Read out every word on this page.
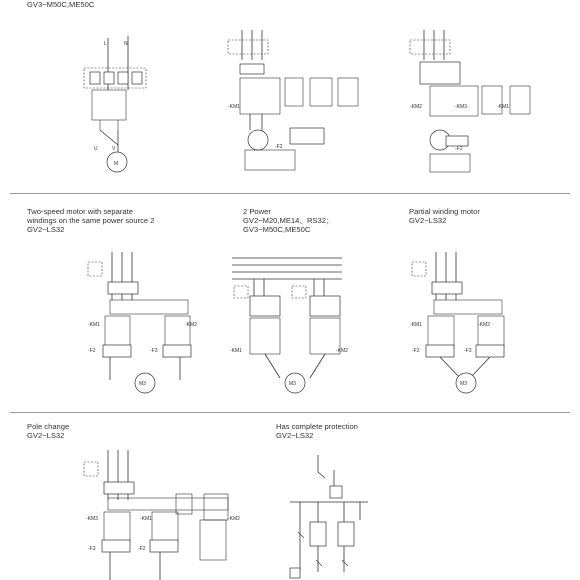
GV3−M50C,ME50C
Two-speed motor with separate
windings on the same power source 2
GV2−LS32
2 Power
GV2−M20,ME14、RS32；
GV3−M50C,ME50C
Partial winding motor
GV2−LS32
Pole change
GV2−LS32
Has complete protection
GV2−LS32
L	N
U	V
M
-KM1
-F2
-KM2	-KM3	-KM1
-F2
-KM1	-KM2
-F2	-F3
M3
-KM1	-KM2
M3
-KM1	-KM2
-F2	-F3
M3
-KM3	-KM1	-KM2
-F3	-F2
